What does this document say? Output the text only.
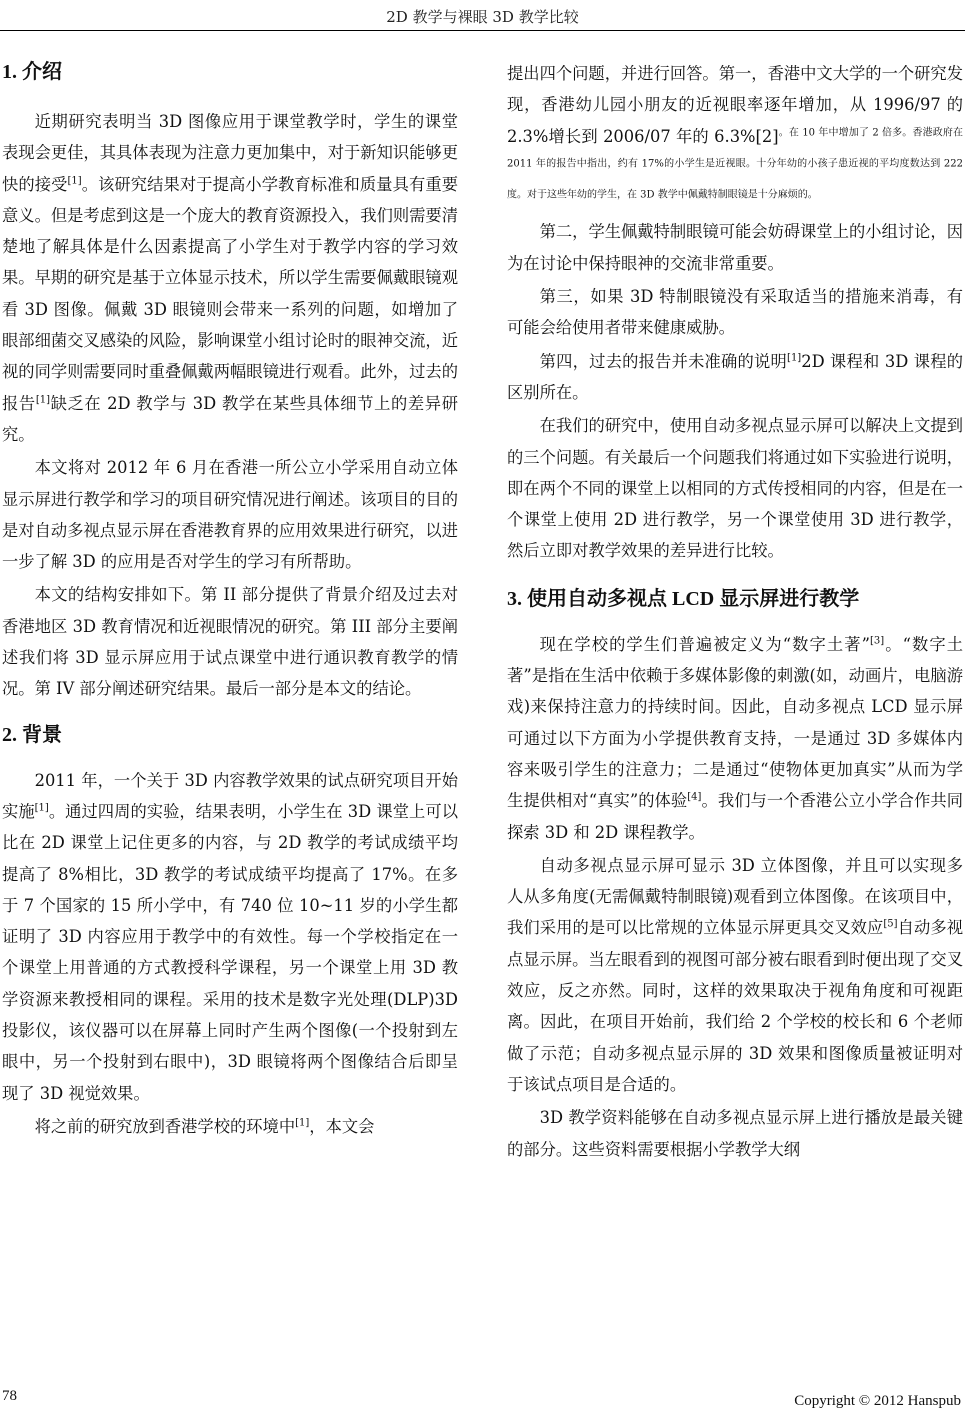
2D 教学与裸眼 3D 教学比较
1. 介绍

近期研究表明当 3D 图像应用于课堂教学时，学生的课堂表现会更佳，其具体表现为注意力更加集中，对于新知识能够更快的接受[1]。该研究结果对于提高小学教育标准和质量具有重要意义。但是考虑到这是一个庞大的教育资源投入，我们则需要清楚地了解具体是什么因素提高了小学生对于教学内容的学习效果。早期的研究是基于立体显示技术，所以学生需要佩戴眼镜观看 3D 图像。佩戴 3D 眼镜则会带来一系列的问题，如增加了眼部细菌交叉感染的风险，影响课堂小组讨论时的眼神交流，近视的同学则需要同时重叠佩戴两幅眼镜进行观看。此外，过去的报告[1]缺乏在 2D 教学与 3D 教学在某些具体细节上的差异研究。

本文将对 2012 年 6 月在香港一所公立小学采用自动立体显示屏进行教学和学习的项目研究情况进行阐述。该项目的目的是对自动多视点显示屏在香港教育界的应用效果进行研究，以进一步了解 3D 的应用是否对学生的学习有所帮助。

本文的结构安排如下。第 II 部分提供了背景介绍及过去对香港地区 3D 教育情况和近视眼情况的研究。第 III 部分主要阐述我们将 3D 显示屏应用于试点课堂中进行通识教育教学的情况。第 IV 部分阐述研究结果。最后一部分是本文的结论。

2. 背景

2011 年，一个关于 3D 内容教学效果的试点研究项目开始实施[1]。通过四周的实验，结果表明，小学生在 3D 课堂上可以比在 2D 课堂上记住更多的内容，与 2D 教学的考试成绩平均提高了 8%相比，3D 教学的考试成绩平均提高了 17%。在多于 7 个国家的 15 所小学中，有 740 位 10~11 岁的小学生都证明了 3D 内容应用于教学中的有效性。每一个学校指定在一个课堂上用普通的方式教授科学课程，另一个课堂上用 3D 教学资源来教授相同的课程。采用的技术是数字光处理(DLP)3D 投影仪，该仪器可以在屏幕上同时产生两个图像(一个投射到左眼中，另一个投射到右眼中)，3D 眼镜将两个图像结合后即呈现了 3D 视觉效果。

将之前的研究放到香港学校的环境中[1]，本文会

提出四个问题，并进行回答。第一，香港中文大学的一个研究发现，香港幼儿园小朋友的近视眼率逐年增加，从 1996/97 的 2.3%增长到 2006/07 年的 $6.3\%[2]^{。在 10 年中增加了 2 倍多。香港政府在 2011 年的报告中指出,约有 17\%的小学生是近视眼。十分年幼的小孩子患近视的平均度数达到 222 度。对于这些年幼的学生,在 3D 教学中佩戴特制眼镜是十分麻烦的。}$

第二，学生佩戴特制眼镜可能会妨碍课堂上的小组讨论，因为在讨论中保持眼神的交流非常重要。

第三，如果 3D 特制眼镜没有采取适当的措施来消毒，有可能会给使用者带来健康威胁。

第四，过去的报告并未准确的说明[1]2D 课程和 3D 课程的区别所在。

在我们的研究中，使用自动多视点显示屏可以解决上文提到的三个问题。有关最后一个问题我们将通过如下实验进行说明，即在两个不同的课堂上以相同的方式传授相同的内容，但是在一个课堂上使用 2D 进行教学，另一个课堂使用 3D 进行教学，然后立即对教学效果的差异进行比较。

3. 使用自动多视点 LCD 显示屏进行教学

现在学校的学生们普遍被定义为“数字土著”[3]。“数字土著”是指在生活中依赖于多媒体影像的刺激(如，动画片，电脑游戏)来保持注意力的持续时间。因此，自动多视点 LCD 显示屏可通过以下方面为小学提供教育支持，一是通过 3D 多媒体内容来吸引学生的注意力；二是通过“使物体更加真实”从而为学生提供相对“真实”的体验[4]。我们与一个香港公立小学合作共同探索 3D 和 2D 课程教学。

自动多视点显示屏可显示 3D 立体图像，并且可以实现多人从多角度(无需佩戴特制眼镜)观看到立体图像。在该项目中，我们采用的是可以比常规的立体显示屏更具交叉效应[5]自动多视点显示屏。当左眼看到的视图可部分被右眼看到时便出现了交叉效应，反之亦然。同时，这样的效果取决于视角角度和可视距离。因此，在项目开始前，我们给 2 个学校的校长和 6 个老师做了示范；自动多视点显示屏的 3D 效果和图像质量被证明对于该试点项目是合适的。

3D 教学资料能够在自动多视点显示屏上进行播放是最关键的部分。这些资料需要根据小学教学大纲

78	Copyright © 2012 Hanspub
